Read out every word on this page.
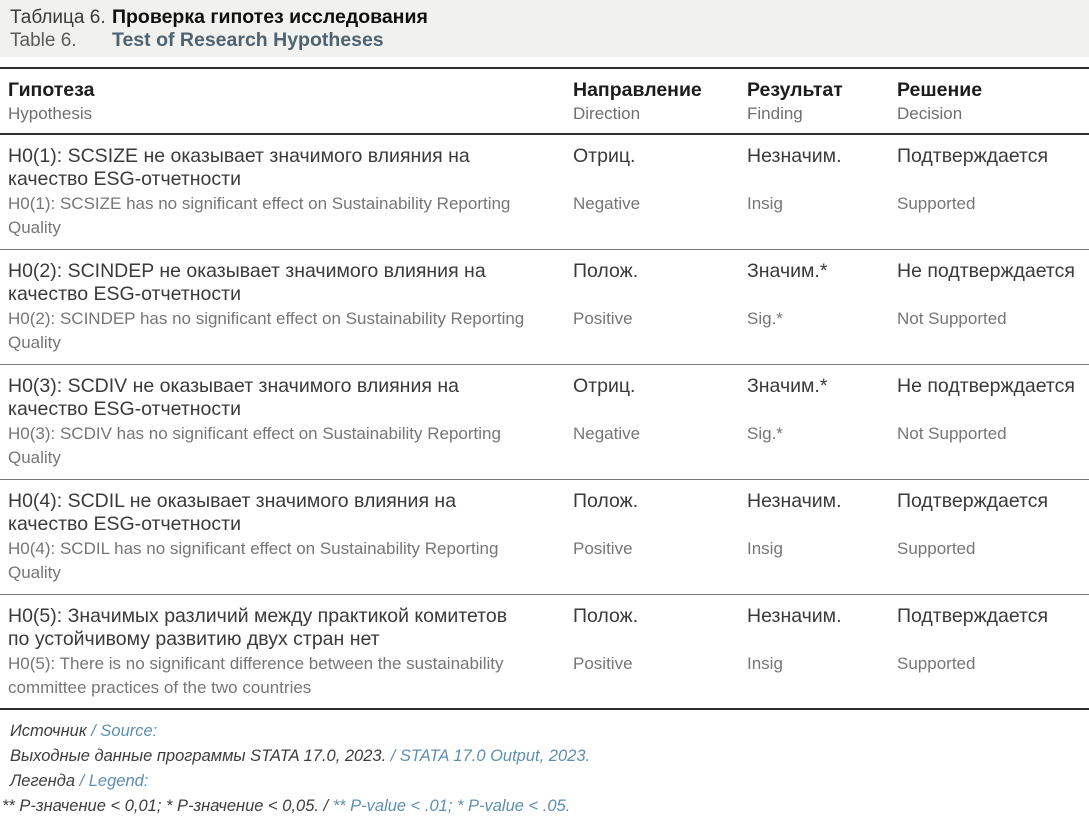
Таблица 6. Проверка гипотез исследования
Table 6.	Test of Research Hypotheses
Гипотеза
Hypothesis
Направление
Direction
Результат
Finding
Решение
Decision
H0(1): SCSIZE не оказывает значимого влияния на качество ESG-отчетности
H0(1): SCSIZE has no significant effect on Sustainability Reporting Quality
Отриц.
Negative
Незначим.
Insig
Подтверждается
Supported
H0(2): SCINDEP не оказывает значимого влияния на качество ESG-отчетности
H0(2): SCINDEP has no significant effect on Sustainability Reporting Quality
Полож.
Positive
Значим.*
Sig.*
Не подтверждается
Not Supported
H0(3): SCDIV не оказывает значимого влияния на качество ESG-отчетности
H0(3): SCDIV has no significant effect on Sustainability Reporting Quality
Отриц.
Negative
Значим.*
Sig.*
Не подтверждается
Not Supported
H0(4): SCDIL не оказывает значимого влияния на качество ESG-отчетности
H0(4): SCDIL has no significant effect on Sustainability Reporting Quality
Полож.
Positive
Незначим.
Insig
Подтверждается
Supported
H0(5): Значимых различий между практикой комитетов по устойчивому развитию двух стран нет
H0(5): There is no significant difference between the sustainability committee practices of the two countries
Полож.
Positive
Незначим.
Insig
Подтверждается
Supported
Источник / Source:
Выходные данные программы STATA 17.0, 2023. / STATA 17.0 Output, 2023.
Легенда / Legend:
** P-значение < 0,01; * P-значение < 0,05. / ** P-value < .01; * P-value < .05.
